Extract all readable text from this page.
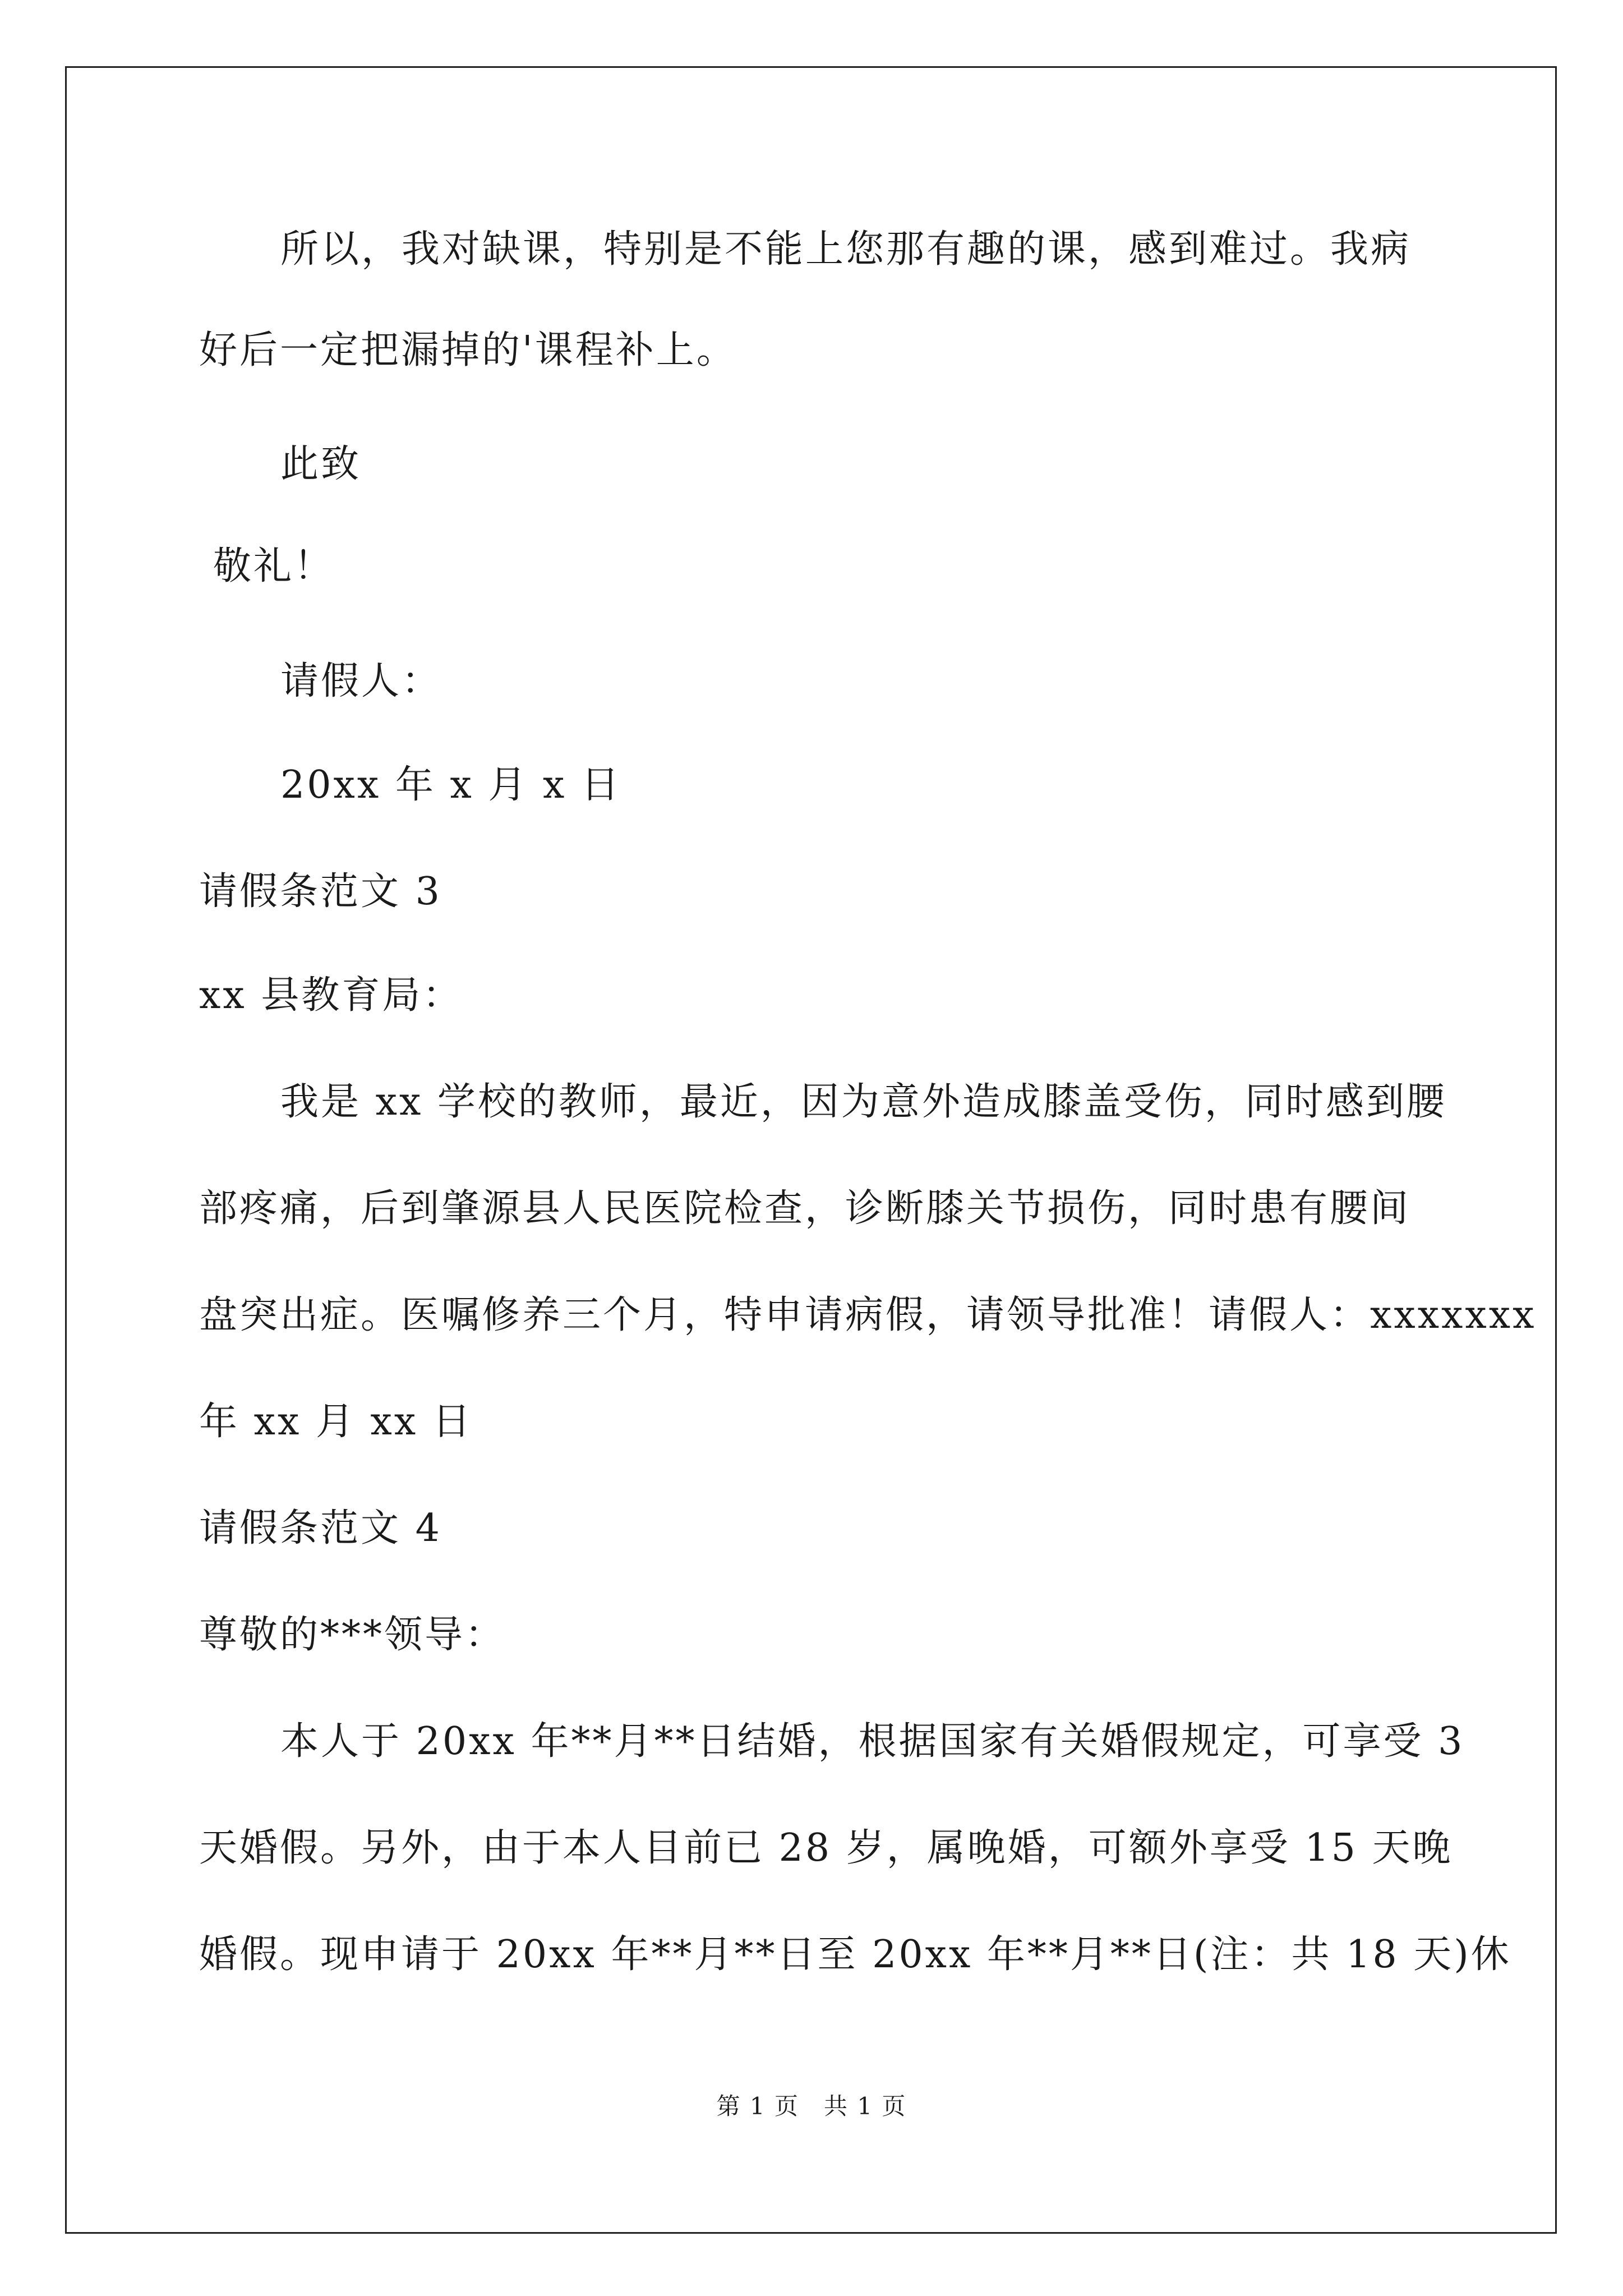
所以，我对缺课，特别是不能上您那有趣的课，感到难过。我病

好后一定把漏掉的'课程补上。

此致

敬礼！

请假人：

20xx 年 x 月 x 日

请假条范文 3

xx 县教育局：

我是 xx 学校的教师，最近，因为意外造成膝盖受伤，同时感到腰

部疼痛，后到肇源县人民医院检查，诊断膝关节损伤，同时患有腰间

盘突出症。医嘱修养三个月，特申请病假，请领导批准！请假人：xxxxxxx

年 xx 月 xx 日

请假条范文 4

尊敬的***领导：

本人于 20xx 年**月**日结婚，根据国家有关婚假规定，可享受 3

天婚假。另外，由于本人目前已 28 岁，属晚婚，可额外享受 15 天晚

婚假。现申请于 20xx 年**月**日至 20xx 年**月**日(注：共 18 天)休

第 1 页　共 1 页
